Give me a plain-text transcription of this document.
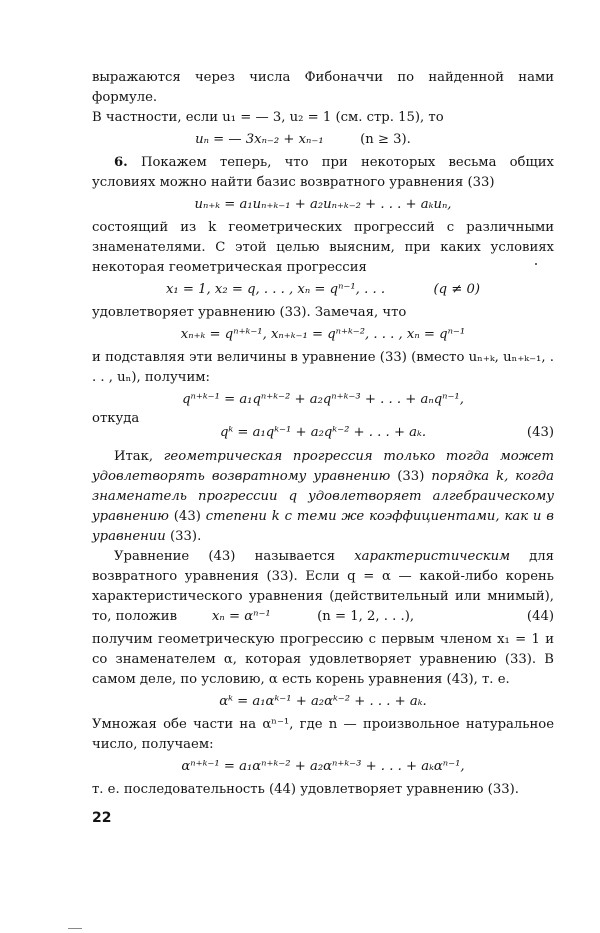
выражаются через числа Фибоначчи по найденной нами формуле.

В частности, если u₁ = — 3, u₂ = 1 (см. стр. 15), то

uₙ = — 3xₙ₋₂ + xₙ₋₁	(n ≥ 3).

6. Покажем теперь, что при некоторых весьма общих условиях можно найти базис возвратного уравнения (33)

uₙ₊ₖ = a₁uₙ₊ₖ₋₁ + a₂uₙ₊ₖ₋₂ + . . . + aₖuₙ,

состоящий из k геометрических прогрессий с различными знаменателями. С этой целью выясним, при каких условиях некоторая геометрическая прогрессия

x₁ = 1, x₂ = q, . . . , xₙ = qⁿ⁻¹, . . .	(q ≠ 0)

удовлетворяет уравнению (33). Замечая, что

xₙ₊ₖ = qⁿ⁺ᵏ⁻¹, xₙ₊ₖ₋₁ = qⁿ⁺ᵏ⁻², . . . , xₙ = qⁿ⁻¹

и подставляя эти величины в уравнение (33) (вместо uₙ₊ₖ, uₙ₊ₖ₋₁, . . . , uₙ), получим:

qⁿ⁺ᵏ⁻¹ = a₁qⁿ⁺ᵏ⁻² + a₂qⁿ⁺ᵏ⁻³ + . . . + aₙqⁿ⁻¹,

откуда

qᵏ = a₁qᵏ⁻¹ + a₂qᵏ⁻² + . . . + aₖ.	(43)

Итак, геометрическая прогрессия только тогда может удовлетворять возвратному уравнению (33) порядка k, когда знаменатель прогрессии q удовлетворяет алгебраическому уравнению (43) степени k с теми же коэффициентами, как и в уравнении (33).

Уравнение (43) называется характеристическим для возвратного уравнения (33). Если q = α — какой-либо корень характеристического уравнения (действительный или мнимый), то, положив	xₙ = αⁿ⁻¹	(n = 1, 2, . . .),	(44)

получим геометрическую прогрессию с первым членом x₁ = 1 и со знаменателем α, которая удовлетворяет уравнению (33). В самом деле, по условию, α есть корень уравнения (43), т. е.

αᵏ = a₁αᵏ⁻¹ + a₂αᵏ⁻² + . . . + aₖ.

Умножая обе части на αⁿ⁻¹, где n — произвольное натуральное число, получаем:

αⁿ⁺ᵏ⁻¹ = a₁αⁿ⁺ᵏ⁻² + a₂αⁿ⁺ᵏ⁻³ + . . . + aₖαⁿ⁻¹,

т. е. последовательность (44) удовлетворяет уравнению (33).

22
